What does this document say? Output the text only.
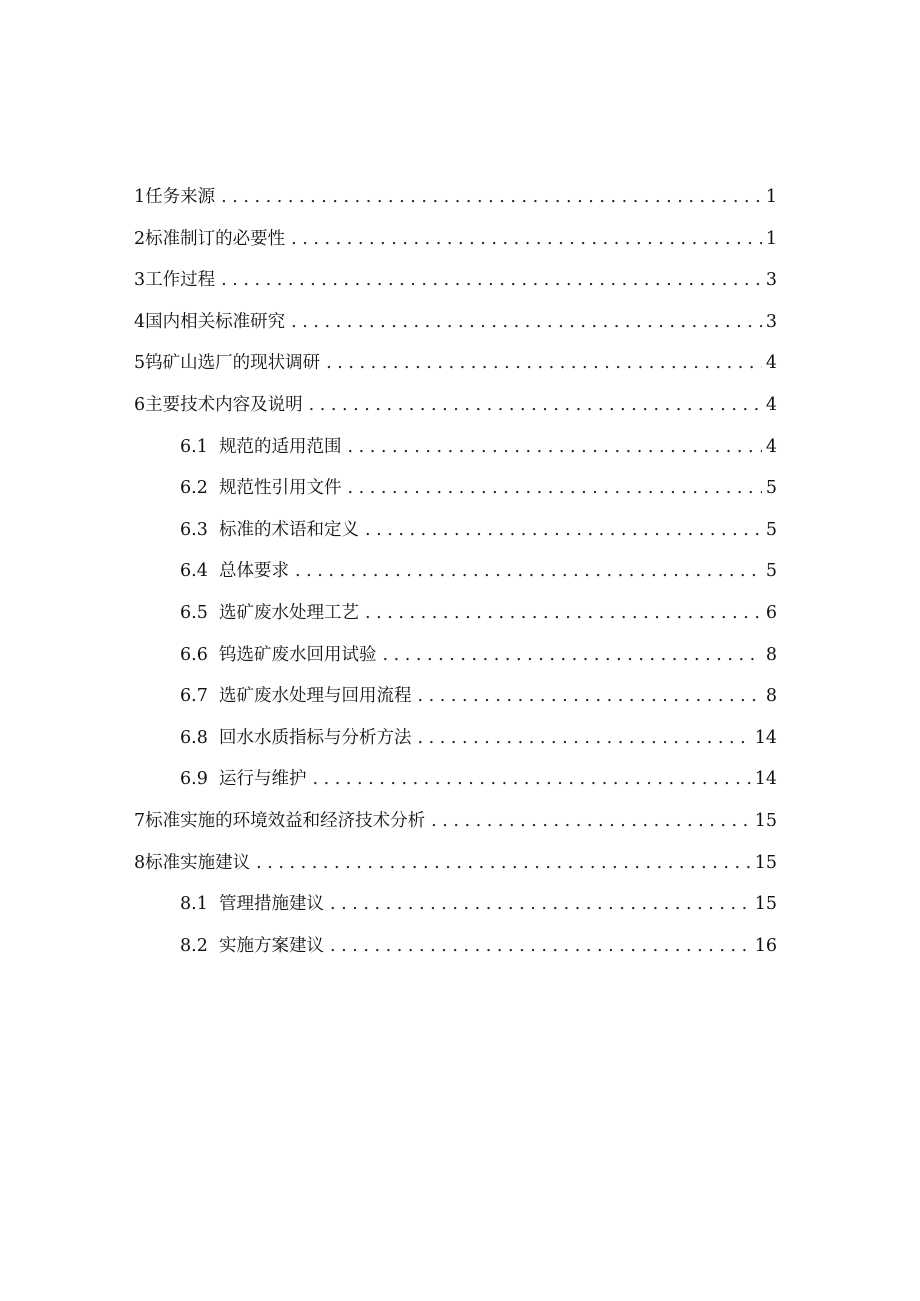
1 任务来源 . . .	1
2 标准制订的必要性 . . .	1
3 工作过程 . . .	3
4 国内相关标准研究 . . .	3
5 钨矿山选厂的现状调研 . . .	4
6 主要技术内容及说明 . . .	4
6.1 规范的适用范围 . . .	4
6.2 规范性引用文件 . . .	5
6.3 标准的术语和定义 . . .	5
6.4 总体要求 . . .	5
6.5 选矿废水处理工艺 . . .	6
6.6 钨选矿废水回用试验 . . .	8
6.7 选矿废水处理与回用流程 . . .	8
6.8 回水水质指标与分析方法 . . .	14
6.9 运行与维护 . . .	14
7 标准实施的环境效益和经济技术分析 . . .	15
8 标准实施建议 . . .	15
8.1 管理措施建议 . . .	15
8.2 实施方案建议 . . .	16
